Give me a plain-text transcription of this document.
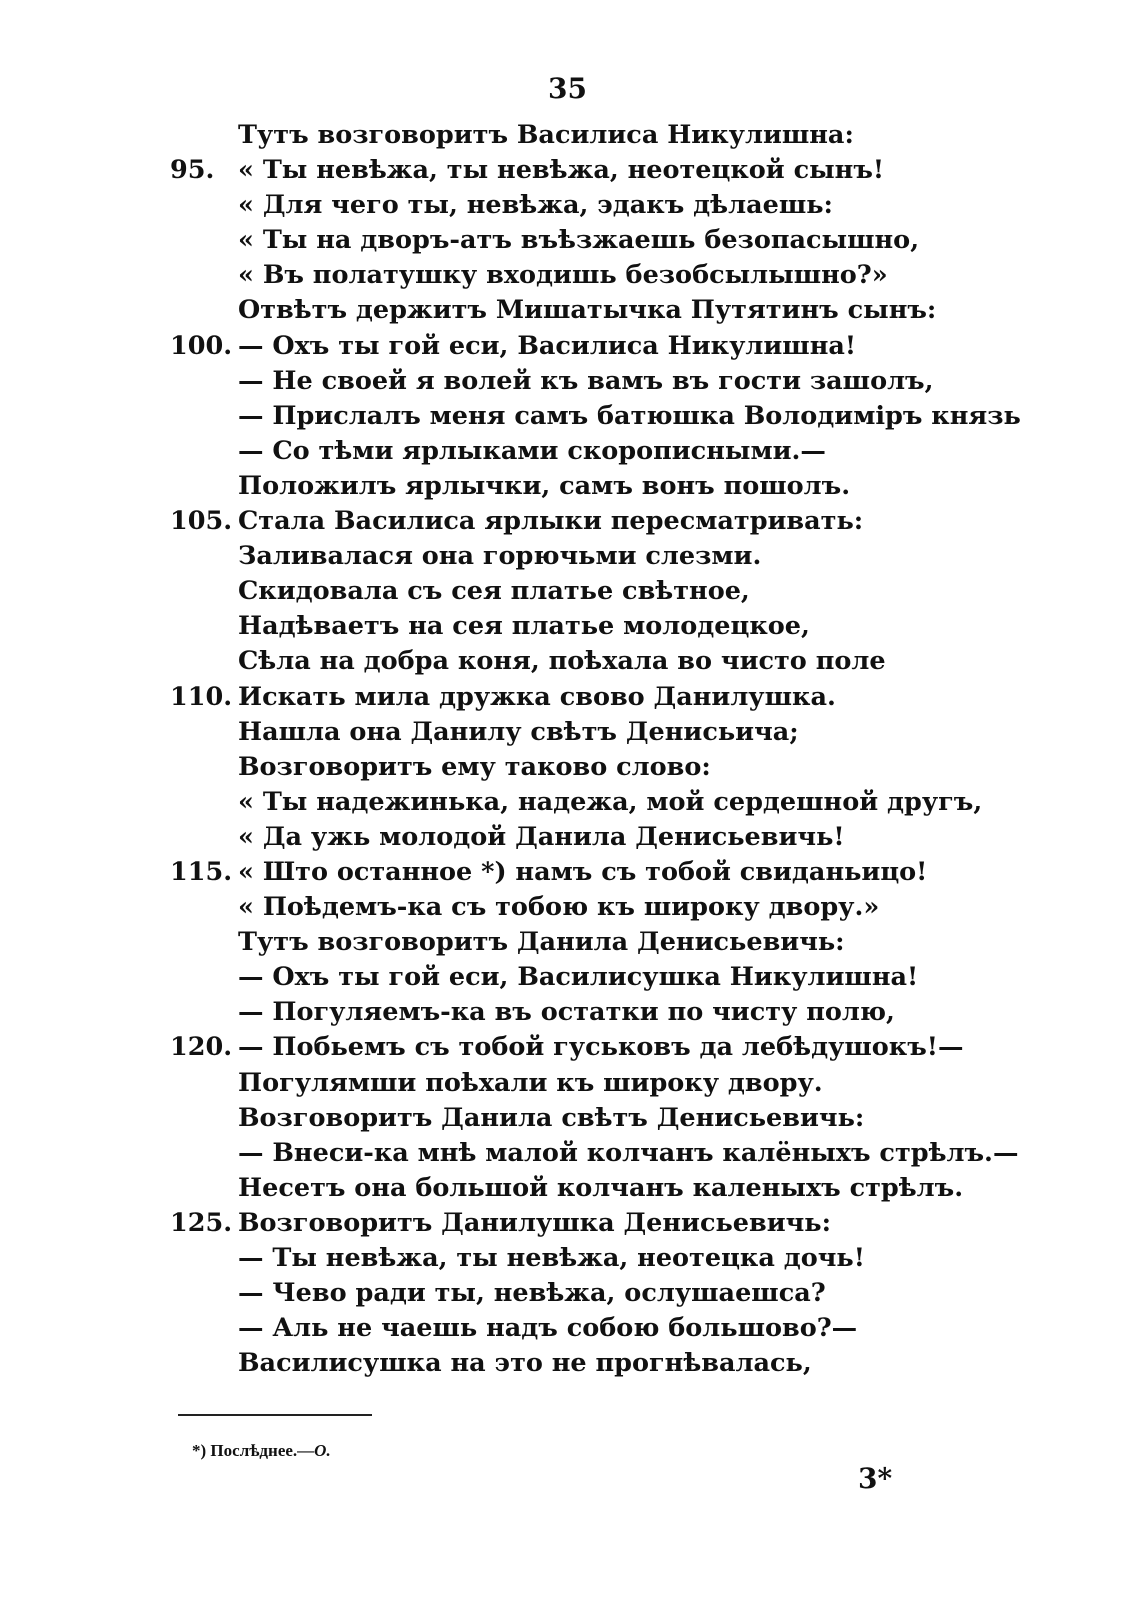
35
Тутъ возговоритъ Василиса Никулишна:
95. « Ты невѣжа, ты невѣжа, неотецкой сынъ!
« Для чего ты, невѣжа, эдакъ дѣлаешь:
« Ты на дворъ-атъ въѣзжаешь безопасышно,
« Въ полатушку входишь безобсылышно?»
Отвѣтъ держитъ Мишатычка Путятинъ сынъ:
100. — Охъ ты гой еси, Василиса Никулишна!
— Не своей я волей къ вамъ въ гости зашолъ,
— Прислалъ меня самъ батюшка Володимiръ князь
— Со тѣми ярлыками скорописными.—
Положилъ ярлычки, самъ вонъ пошолъ.
105. Стала Василиса ярлыки пересматривать:
Заливалася она горючьми слезми.
Скидовала съ сея платье свѣтное,
Надѣваетъ на сея платье молодецкое,
Сѣла на добра коня, поѣхала во чисто поле
110. Искать мила дружка свово Данилушка.
Нашла она Данилу свѣтъ Денисьича;
Возговоритъ ему таково слово:
« Ты надежинька, надежа, мой сердешной другъ,
« Да ужь молодой Данила Денисьевичь!
115. « Што останное *) намъ съ тобой свиданьицо!
« Поѣдемъ-ка съ тобою къ широку двору.»
Тутъ возговоритъ Данила Денисьевичь:
— Охъ ты гой еси, Василисушка Никулишна!
— Погуляемъ-ка въ остатки по чисту полю,
120. — Побьемъ съ тобой гуськовъ да лебѣдушокъ!—
Погулямши поѣхали къ широку двору.
Возговоритъ Данила свѣтъ Денисьевичь:
— Внеси-ка мнѣ малой колчанъ калёныхъ стрѣлъ.—
Несетъ она большой колчанъ каленыхъ стрѣлъ.
125. Возговоритъ Данилушка Денисьевичь:
— Ты невѣжа, ты невѣжа, неотецка дочь!
— Чево ради ты, невѣжа, ослушаешса?
— Аль не чаешь надъ собою большово?—
Василисушка на это не прогнѣвалась,
*) Послѣднее.—О.
3*
